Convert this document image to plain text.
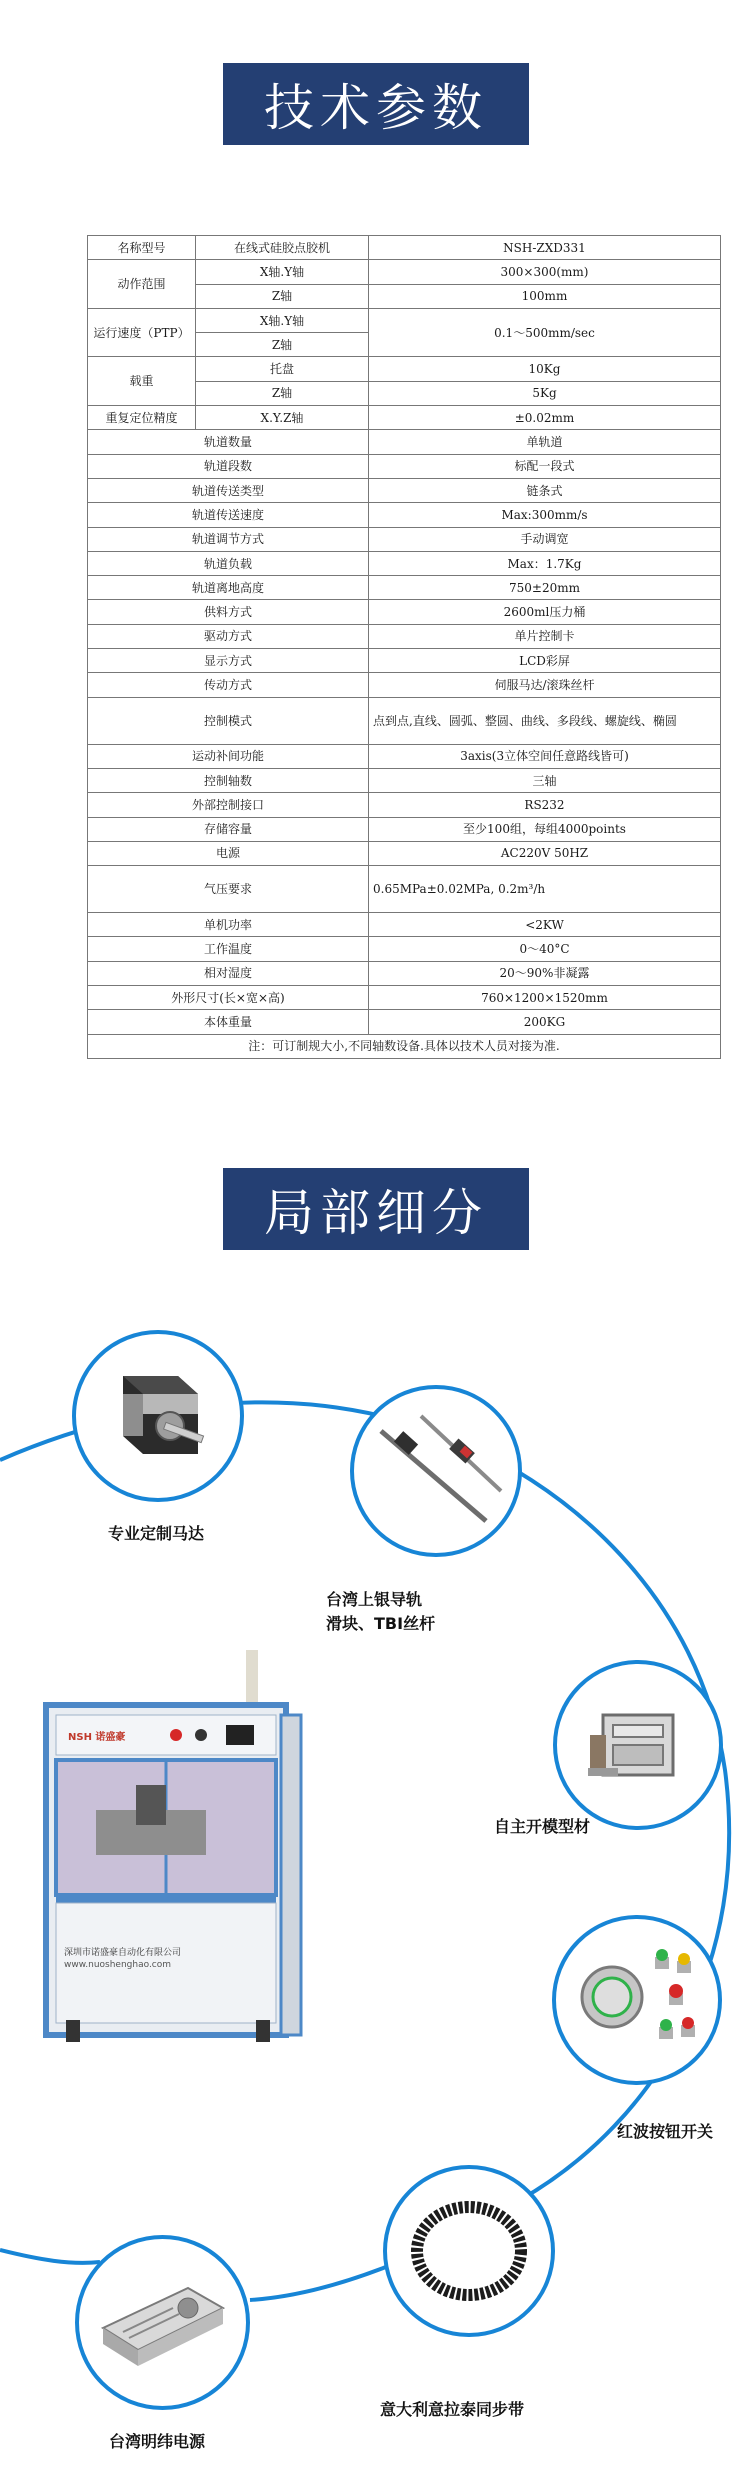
技术参数
名称型号	在线式硅胶点胶机	NSH-ZXD331
动作范围	X轴.Y轴	300×300(mm)
	Z轴	100mm
运行速度（PTP）	X轴.Y轴	0.1～500mm/sec
	Z轴	
载重	托盘	10Kg
	Z轴	5Kg
重复定位精度	X.Y.Z轴	±0.02mm
轨道数量		单轨道
轨道段数		标配一段式
轨道传送类型		链条式
轨道传送速度		Max:300mm/s
轨道调节方式		手动调宽
轨道负载		Max：1.7Kg
轨道离地高度		750±20mm
供料方式		2600ml压力桶
驱动方式		单片控制卡
显示方式		LCD彩屏
传动方式		伺服马达/滚珠丝杆
控制模式		点到点,直线、圆弧、整圆、曲线、多段线、螺旋线、椭圆
运动补间功能		3axis(3立体空间任意路线皆可)
控制轴数		三轴
外部控制接口		RS232
存储容量		至少100组，每组4000points
电源		AC220V 50HZ
气压要求		0.65MPa±0.02MPa, 0.2m³/h
单机功率		<2KW
工作温度		0～40°C
相对湿度		20～90%非凝露
外形尺寸(长×宽×高)		760×1200×1520mm
本体重量		200KG
注：可订制规大小,不同轴数设备.具体以技术人员对接为准.		
局部细分
专业定制马达
台湾上银导轨
滑块、TBI丝杆
自主开模型材
红波按钮开关
意大利意拉泰同步带
台湾明纬电源
NSH 诺盛豪
深圳市诺盛豪自动化有限公司
www.nuoshenghao.com
